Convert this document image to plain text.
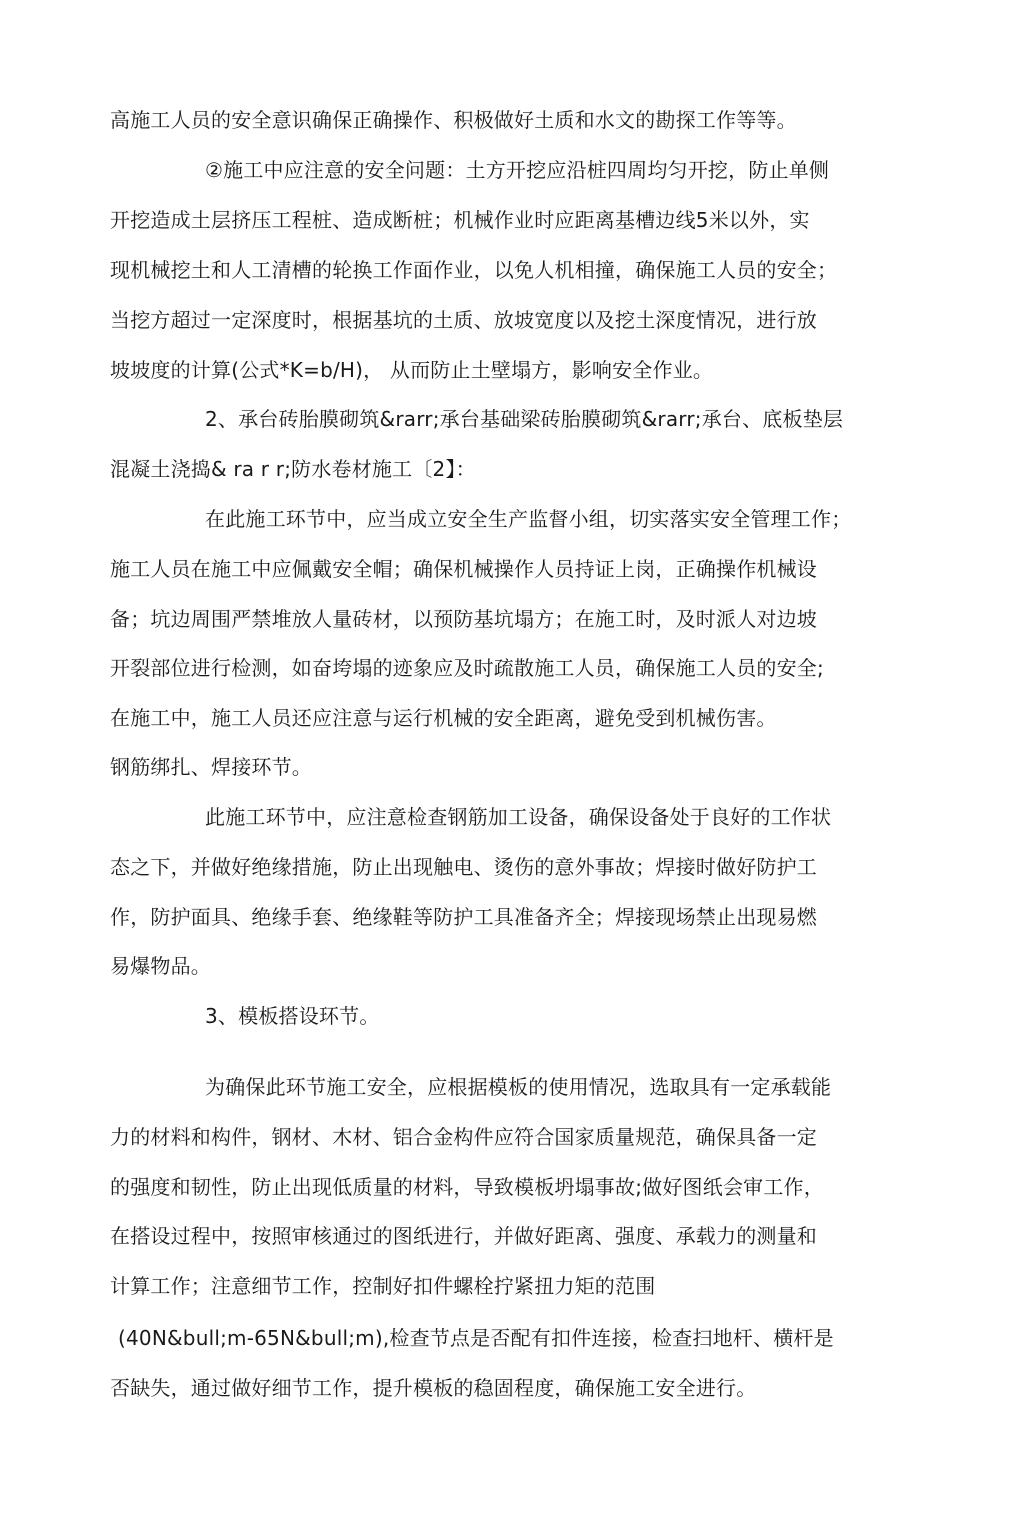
高施工人员的安全意识确保正确操作、积极做好土质和水文的勘探工作等等。
②施工中应注意的安全问题：土方开挖应沿桩四周均匀开挖，防止单侧
开挖造成土层挤压工程桩、造成断桩；机械作业时应距离基槽边线5米以外，实
现机械挖土和人工清槽的轮换工作面作业，以免人机相撞，确保施工人员的安全；
当挖方超过一定深度时，根据基坑的土质、放坡宽度以及挖土深度情况，进行放
坡坡度的计算(公式*K=b/H)， 从而防止土壁塌方，影响安全作业。
2、承台砖胎膜砌筑&rarr;承台基础梁砖胎膜砌筑&rarr;承台、底板垫层
混凝土浇捣& ra r r;防水卷材施工〔2】：
在此施工环节中，应当成立安全生产监督小组，切实落实安全管理工作；
施工人员在施工中应佩戴安全帽；确保机械操作人员持证上岗，正确操作机械设
备；坑边周围严禁堆放人量砖材，以预防基坑塌方；在施工时，及时派人对边坡
开裂部位进行检测，如奋垮塌的迹象应及时疏散施工人员，确保施工人员的安全;
在施工中，施工人员还应注意与运行机械的安全距离，避免受到机械伤害。
钢筋绑扎、焊接环节。
此施工环节中，应注意检查钢筋加工设备，确保设备处于良好的工作状
态之下，并做好绝缘措施，防止出现触电、烫伤的意外事故；焊接时做好防护工
作，防护面具、绝缘手套、绝缘鞋等防护工具准备齐全；焊接现场禁止出现易燃
易爆物品。
3、模板搭设环节。
为确保此环节施工安全，应根据模板的使用情况，选取具有一定承载能
力的材料和构件，钢材、木材、铝合金构件应符合国家质量规范，确保具备一定
的强度和韧性，防止出现低质量的材料，导致模板坍塌事故;做好图纸会审工作，
在搭设过程中，按照审核通过的图纸进行，并做好距离、强度、承载力的测量和
计算工作；注意细节工作，控制好扣件螺栓拧紧扭力矩的范围
(40N&bull;m-65N&bull;m),检查节点是否配有扣件连接，检查扫地杆、横杆是
否缺失，通过做好细节工作，提升模板的稳固程度，确保施工安全进行。
